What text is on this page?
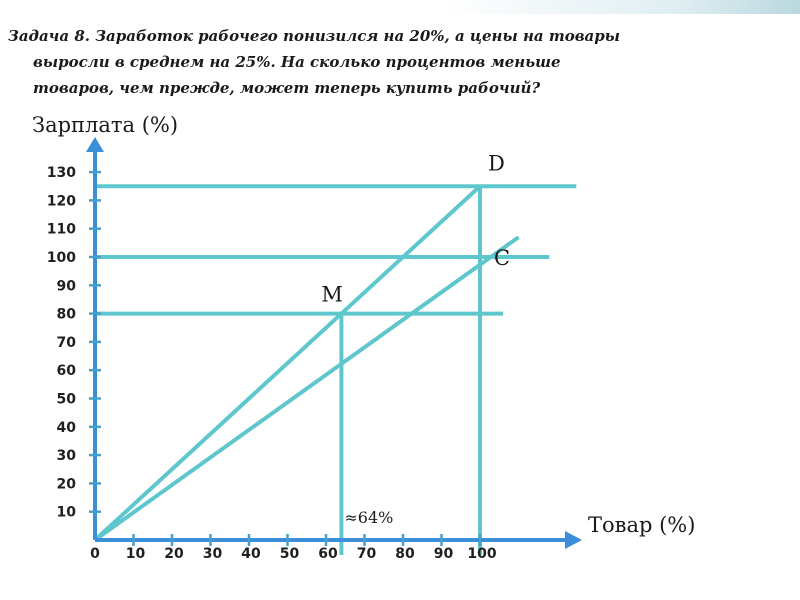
Задача 8. Заработок рабочего понизился на 20%, а цены на товары
выросли в среднем на 25%. На сколько процентов меньше
товаров, чем прежде, может теперь купить рабочий?

Зарплата (%)
Товар (%)
10
20
30
40
50
60
70
80
90
100
110
120
130
0 10 20 30 40 50 60 70 80 90 100
D
C
M
≈64%
